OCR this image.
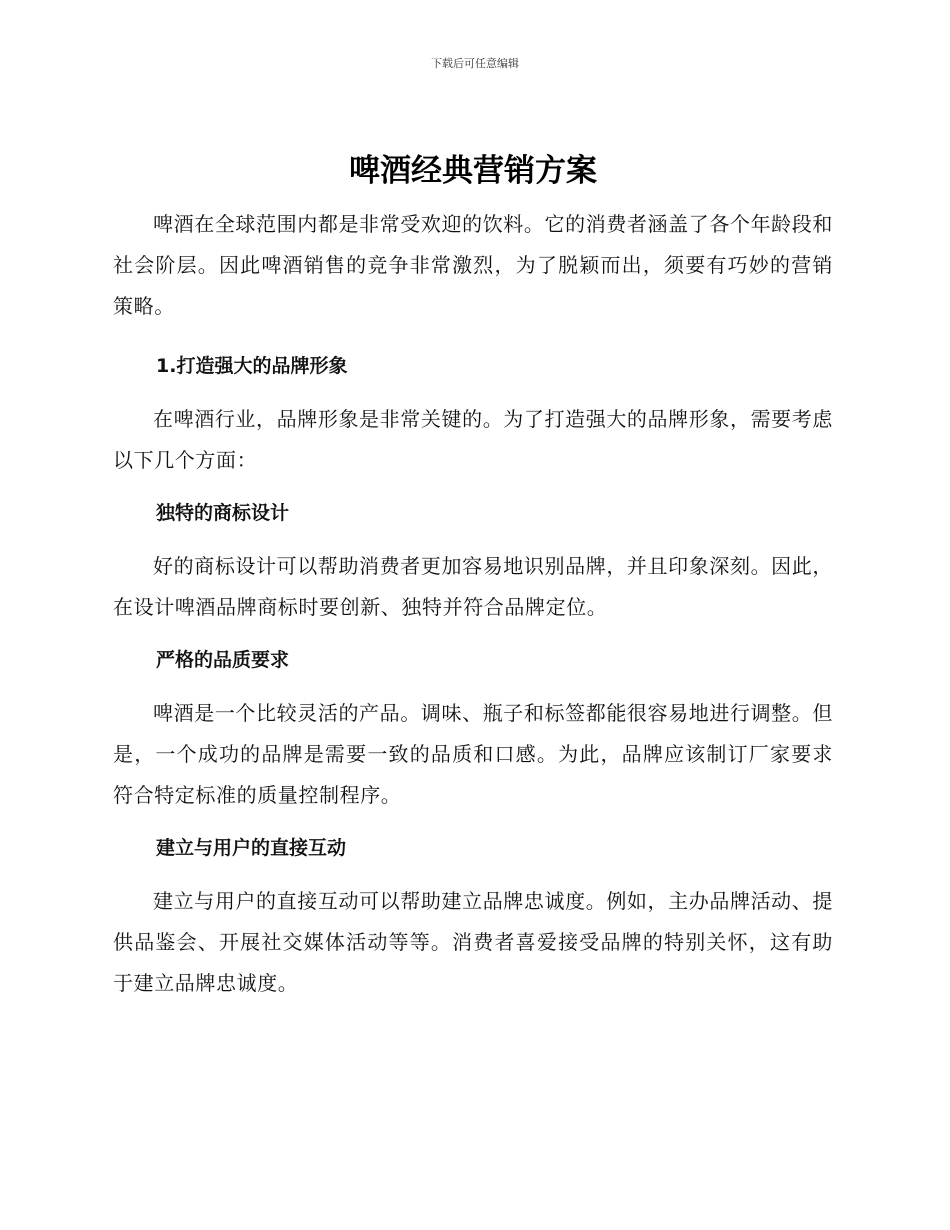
下载后可任意编辑
啤酒经典营销方案

啤酒在全球范围内都是非常受欢迎的饮料。它的消费者涵盖了各个年龄段和社会阶层。因此啤酒销售的竞争非常激烈，为了脱颖而出，须要有巧妙的营销策略。

1.打造强大的品牌形象

在啤酒行业，品牌形象是非常关键的。为了打造强大的品牌形象，需要考虑以下几个方面：

独特的商标设计

好的商标设计可以帮助消费者更加容易地识别品牌，并且印象深刻。因此，在设计啤酒品牌商标时要创新、独特并符合品牌定位。

严格的品质要求

啤酒是一个比较灵活的产品。调味、瓶子和标签都能很容易地进行调整。但是，一个成功的品牌是需要一致的品质和口感。为此，品牌应该制订厂家要求符合特定标准的质量控制程序。

建立与用户的直接互动

建立与用户的直接互动可以帮助建立品牌忠诚度。例如，主办品牌活动、提供品鉴会、开展社交媒体活动等等。消费者喜爱接受品牌的特别关怀，这有助于建立品牌忠诚度。
